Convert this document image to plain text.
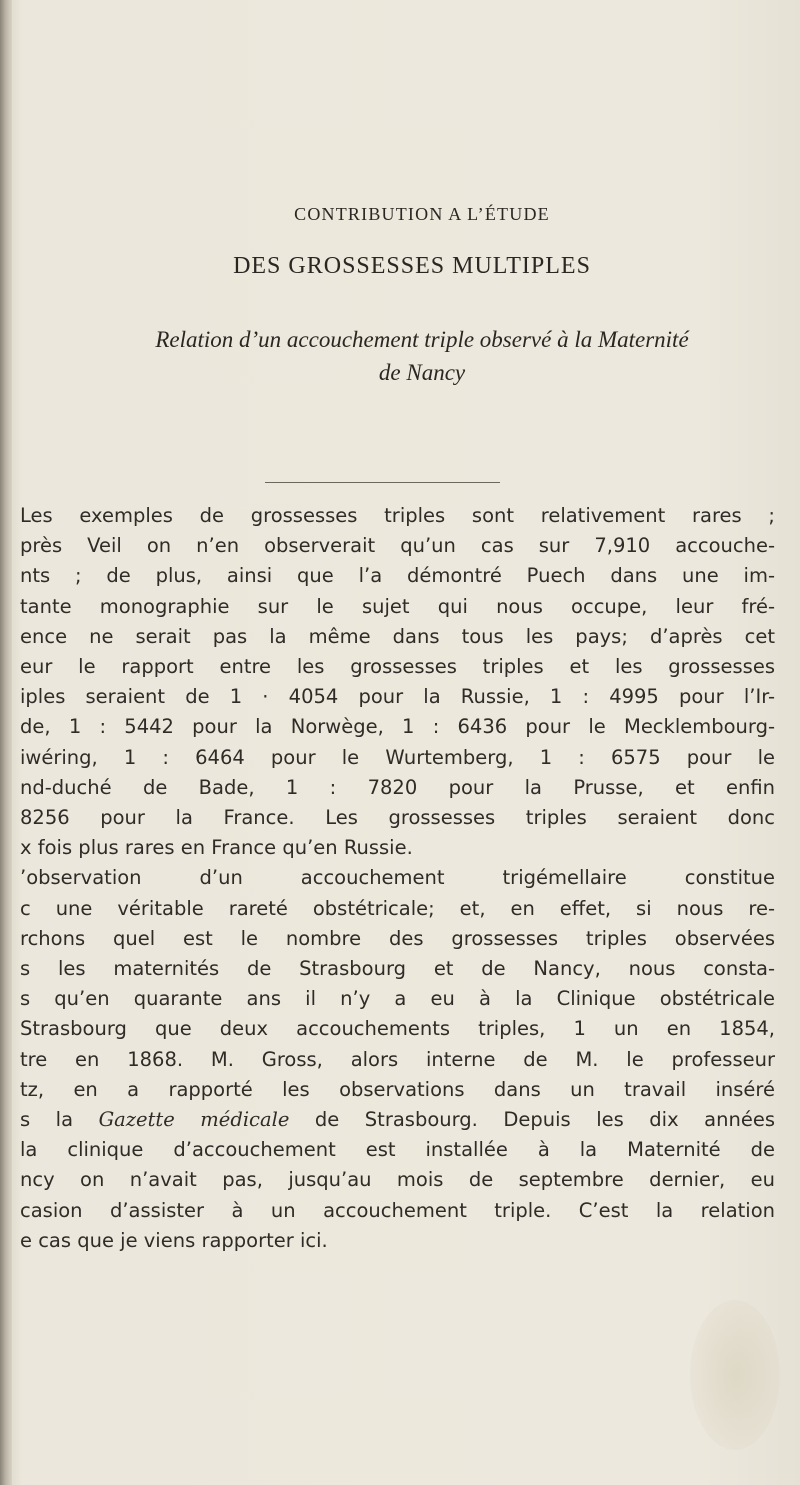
CONTRIBUTION A L’ÉTUDE
DES GROSSESSES MULTIPLES
Relation d’un accouchement triple observé à la Maternité
de Nancy
Les exemples de grossesses triples sont relativement rares ;
près Veil on n’en observerait qu’un cas sur 7,910 accouche-
nts ; de plus, ainsi que l’a démontré Puech dans une im-
tante monographie sur le sujet qui nous occupe, leur fré-
ence ne serait pas la même dans tous les pays; d’après cet
eur le rapport entre les grossesses triples et les grossesses
iples seraient de 1 · 4054 pour la Russie, 1 : 4995 pour l’Ir-
de, 1 : 5442 pour la Norwège, 1 : 6436 pour le Mecklembourg-
iwéring, 1 : 6464 pour le Wurtemberg, 1 : 6575 pour le
nd-duché de Bade, 1 : 7820 pour la Prusse, et enfin
8256 pour la France. Les grossesses triples seraient donc
x fois plus rares en France qu’en Russie.
’observation d’un accouchement trigémellaire constitue
c une véritable rareté obstétricale; et, en effet, si nous re-
rchons quel est le nombre des grossesses triples observées
s les maternités de Strasbourg et de Nancy, nous consta-
s qu’en quarante ans il n’y a eu à la Clinique obstétricale
Strasbourg que deux accouchements triples, 1 un en 1854,
tre en 1868. M. Gross, alors interne de M. le professeur
tz, en a rapporté les observations dans un travail inséré
s la Gazette médicale de Strasbourg. Depuis les dix années
la clinique d’accouchement est installée à la Maternité de
ncy on n’avait pas, jusqu’au mois de septembre dernier, eu
casion d’assister à un accouchement triple. C’est la relation
e cas que je viens rapporter ici.
